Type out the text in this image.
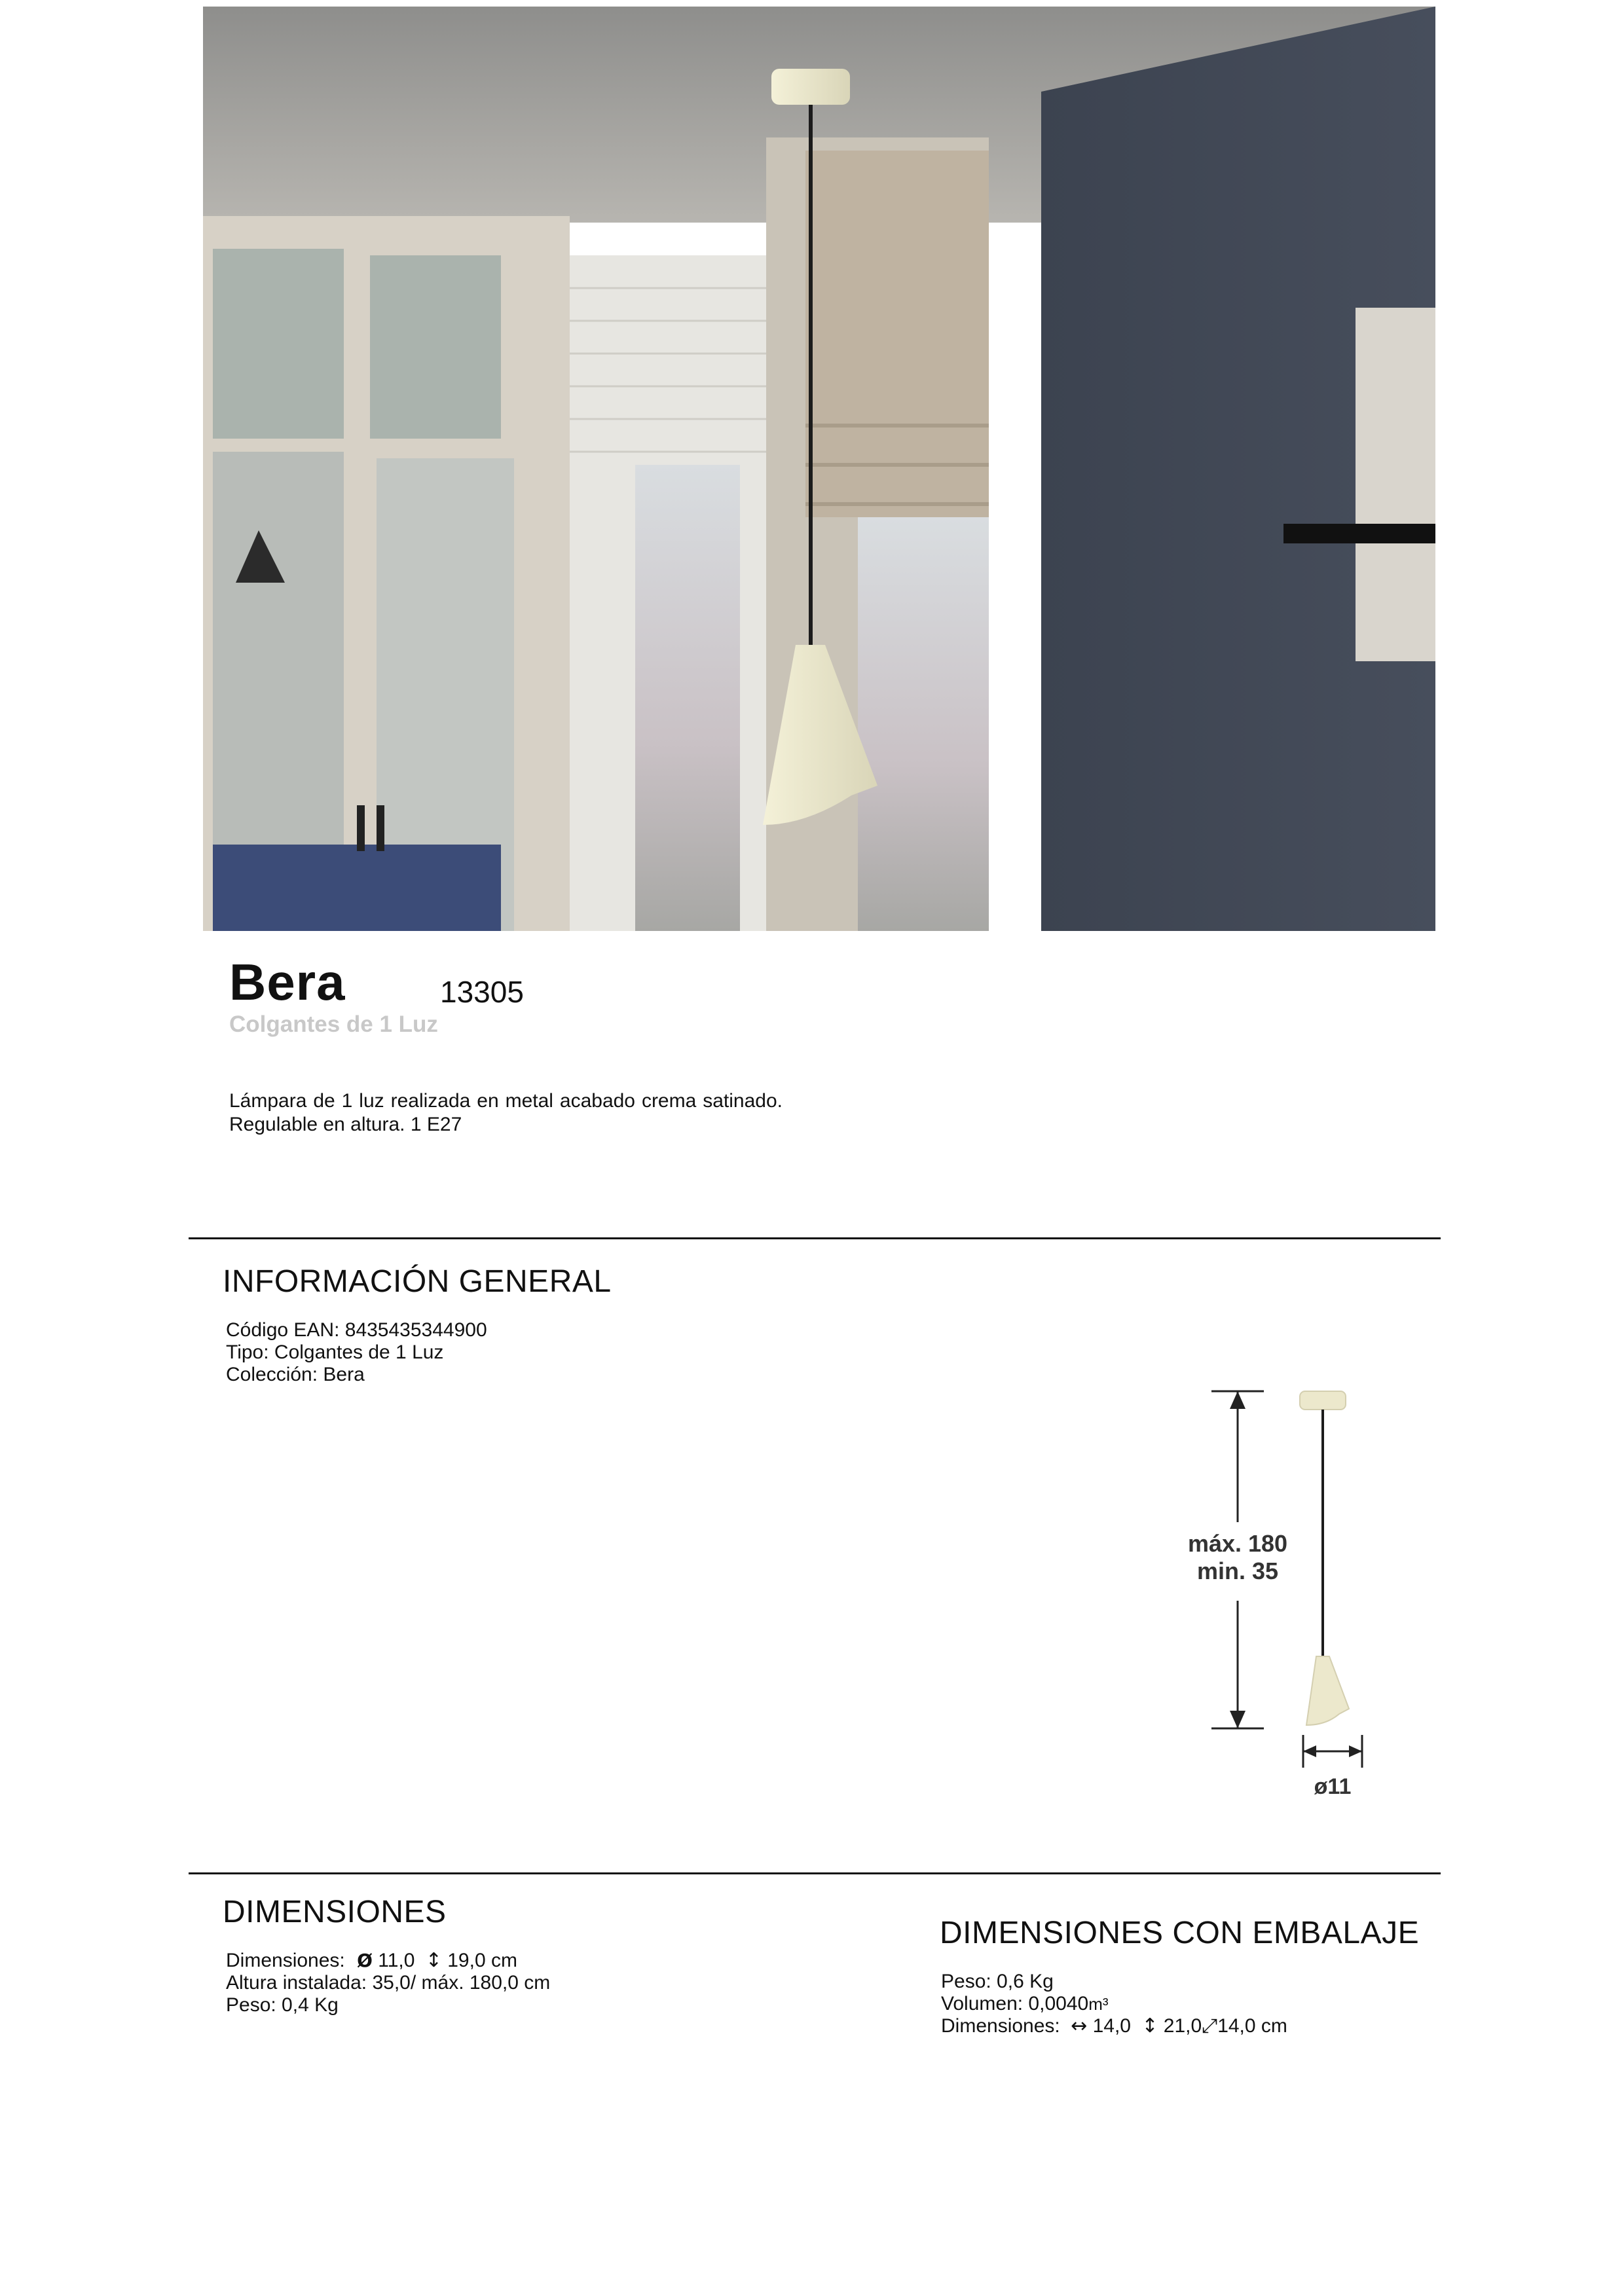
Bera	13305
Colgantes de 1 Luz
Lámpara de 1 luz realizada en metal acabado crema satinado. Regulable en altura. 1 E27
INFORMACIÓN GENERAL
Código EAN: 8435435344900
Tipo: Colgantes de 1 Luz
Colección: Bera
máx. 180
min. 35
ø11
DIMENSIONES
Dimensiones: Ø 11,0 ↕ 19,0 cm
Altura instalada: 35,0/ máx. 180,0 cm
Peso: 0,4 Kg
DIMENSIONES CON EMBALAJE
Peso: 0,6 Kg
Volumen: 0,0040m³
Dimensiones: ↔ 14,0 ↕ 21,0⤢14,0 cm
